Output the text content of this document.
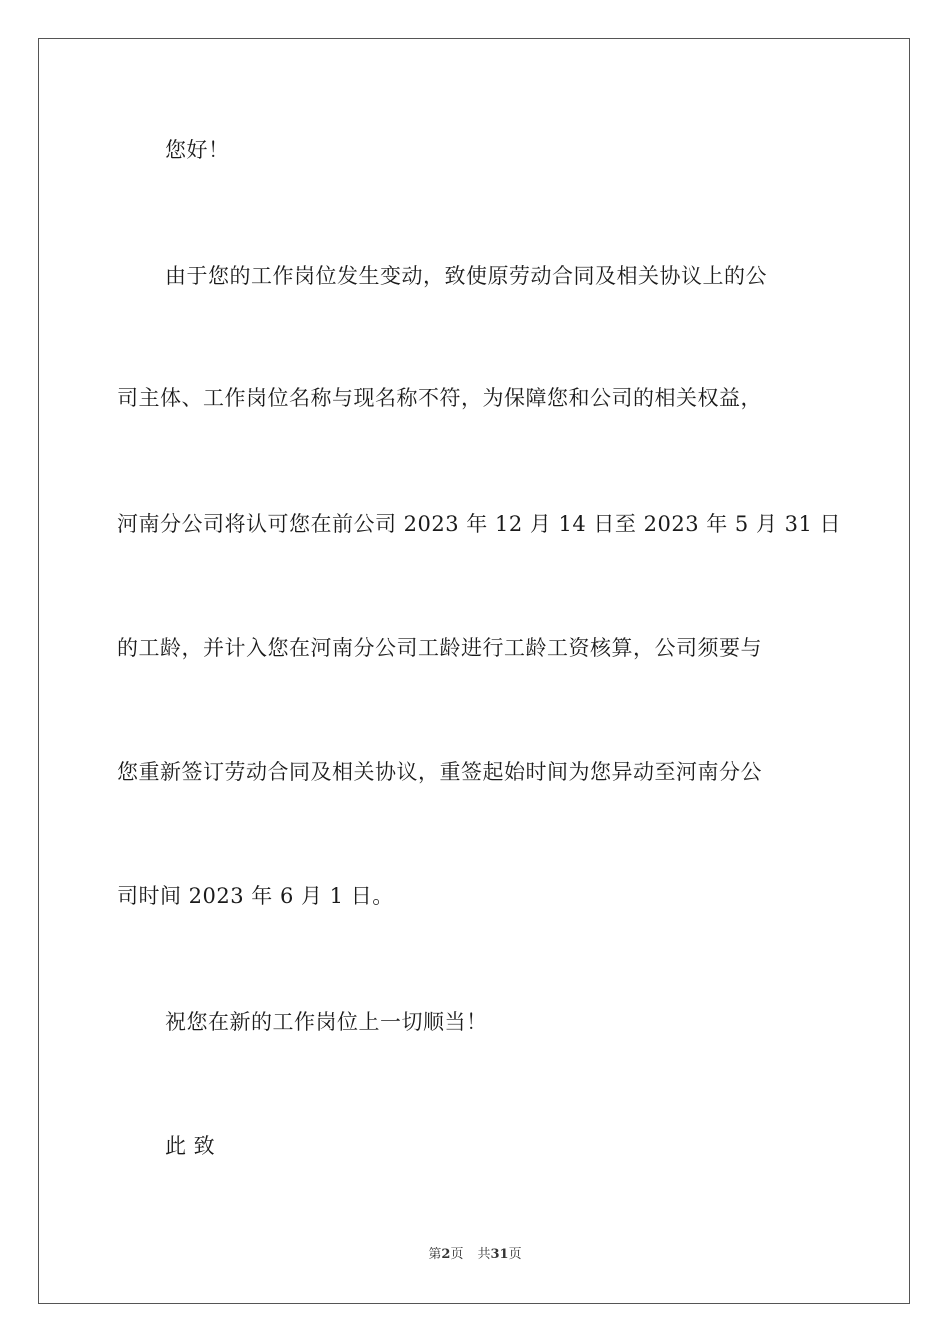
您好！
由于您的工作岗位发生变动，致使原劳动合同及相关协议上的公
司主体、工作岗位名称与现名称不符，为保障您和公司的相关权益，
河南分公司将认可您在前公司 2023 年 12 月 14 日至 2023 年 5 月 31 日
的工龄，并计入您在河南分公司工龄进行工龄工资核算，公司须要与
您重新签订劳动合同及相关协议，重签起始时间为您异动至河南分公
司时间 2023 年 6 月 1 日。
祝您在新的工作岗位上一切顺当！
此 致
第2页 共31页
